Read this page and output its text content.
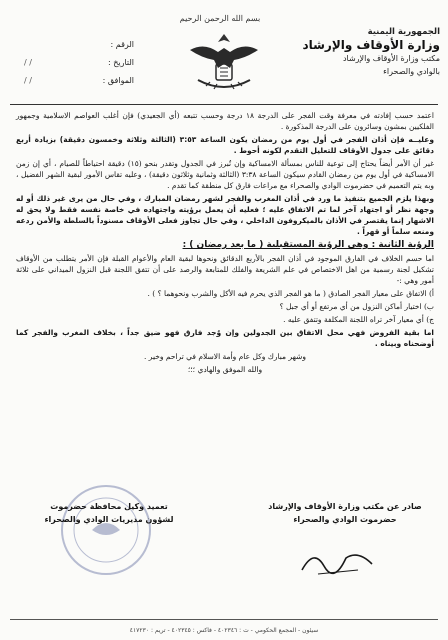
بسم الله الرحمن الرحيم
الجمهورية اليمنية
وزارة الأوقاف والإرشاد
مكتب وزارة الأوقاف والإرشاد
بالوادي والصحراء
الرقم :
التاريخ :
/ /
الموافق :
/ /

اعتمد حسب إفادته في معرفة وقت الفجر على الدرجة ١٨ درجة وحسب تتبعه (أي الجعيدي) فإن أغلب العواصم الاسلامية وجمهور الفلكيين بمشون وسائرون على الدرجة المذكورة .

وعليــه فإن أذان الفجر في أول يوم من رمضان يكون الساعة ٣:٥٣ (الثالثة وثلاثة وخمسون دقيقة) بزيادة أربع دقائق على جدول الأوقاف للتعليل التقدم لكونه أحوط .

غير أن الأمر أيضاً يحتاج إلى توعية للناس بمسألة الامساكية وإن تُبرز في الجدول وتقدر بنحو (١٥) دقيقة احتياطاً للصيام ، أي إن زمن الامساكية في أول يوم من رمضان القادم سيكون الساعة ٣:٣٨ (الثالثة وثمانية وثلاثون دقيقة) ، وعليه تقاس الأمور لبقية الشهر الفضيل ، وبه يتم التعميم في حضرموت الوادي والصحراء مع مراعات فارق كل منطقة كما تقدم .

وبهذا يلزم الجميع بتنفيذ ما ورد في أذان المغرب والفجر لشهر رمضان المبارك ، وفي حال من يرى غير ذلك أو له وجهة نظر أو اجتهاد آخر لما تم الاتفاق عليه ؛ فعليه أن يعمل برؤيته واجتهاده في خاصة نفسه فقط ولا يحق له الاشهار إنما يقتصر في الأذان بالميكروفون الداخلي ، وفي حال تجاوز فعلى الأوقاف مسنوداً بالسلطة والأمن ردعه ومنعه سلماً أو قهراً .

الرؤية الثانية : وهي الرؤية المستقبلية ( ما بعد رمضان ) :

اما حسم الخلاف في الفارق الموجود في أذان الفجر بالأربع الدقائق ونحوها لبقية العام والأعوام القبلة فإن الأمر يتطلب من الأوقاف تشكيل لجنة رسمية من اهل الاختصاص في علم الشريعة والفلك للمتابعة والرصد على أن تتفق اللجنة قبل النزول الميداني على ثلاثة أمور وهي :-

أ) الاتفاق على معيار الفجر الصادق ( ما هو الفجر الذي يحرم فيه الأكل والشرب ونحوهما ؟ ) .

ب) اختيار أماكن النزول من أي مرتفع أو أي جبل ؟

ج) أي معيار آخر تراه اللجنة المكلفة وتتفق عليه .

اما بقية الفروض فهي محل الاتفاق بين الجدولين وإن وُجد فارق فهو ضيق جداً ، بخلاف المغرب والفجر كما أوضحناه وبيناه .

وشهر مبارك وكل عام وأمة الاسلام في تراحم وخير .

والله الموفق والهادي ؛؛؛

صادر عن مكتب وزارة الأوقاف والإرشاد
حضرموت الوادي والصحراء
تعميد وكيل محافظة حضرموت
لشؤون مديريات الوادي والصحراء
سيئون - المجمع الحكومي - ت : ٤٠٢٣٤٦ - فاكس : ٤٠٢٣٤٥ - تريم : ٤١٧٢٣٠
